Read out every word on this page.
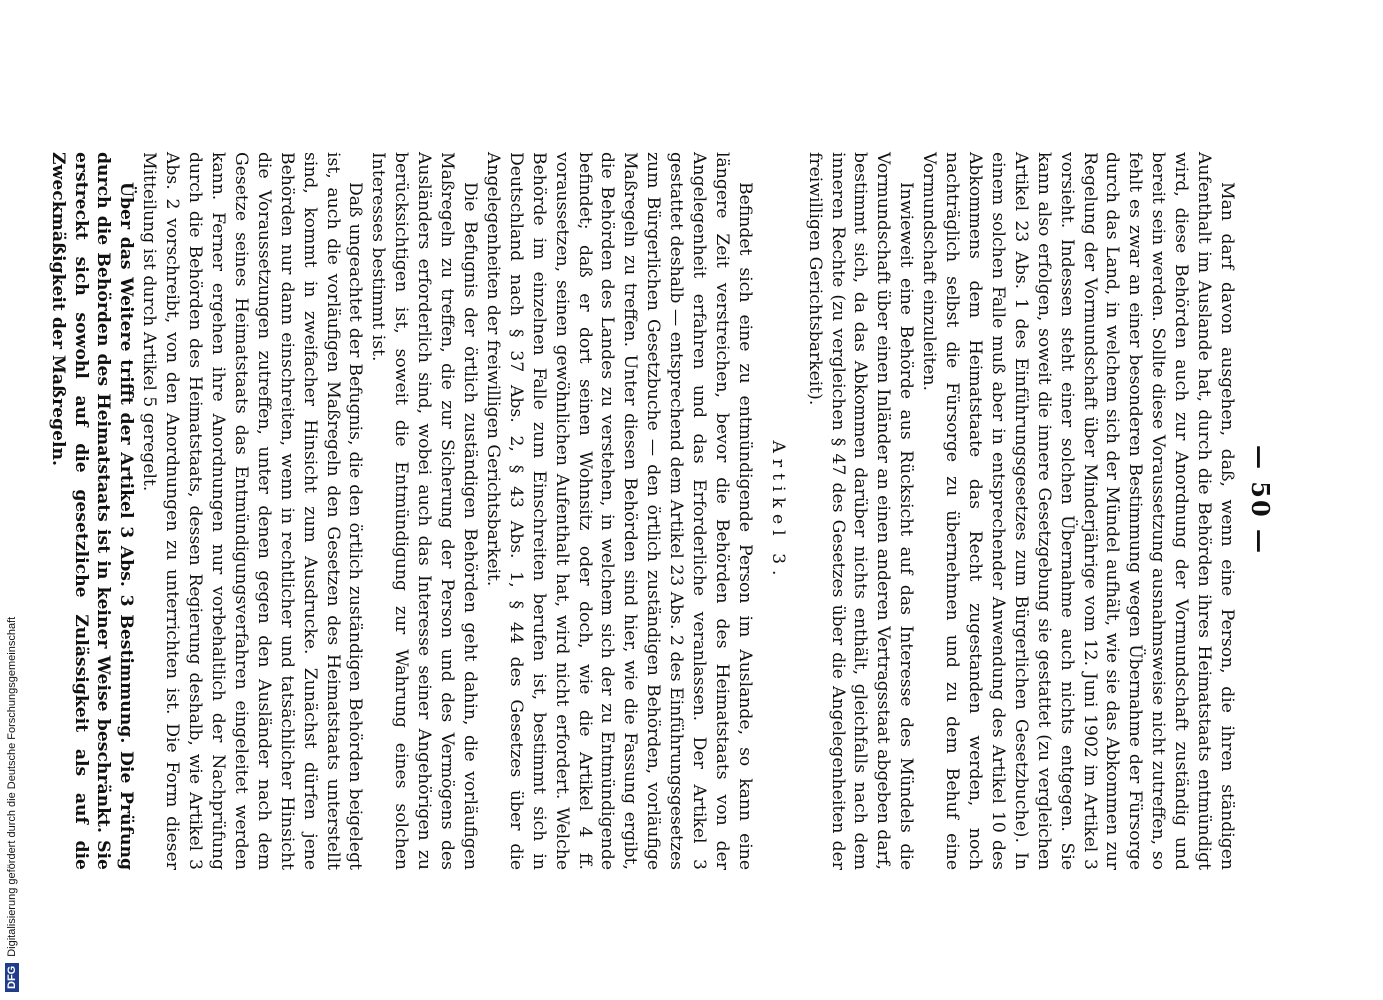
— 50 —

Man darf davon ausgehen, daß, wenn eine Person, die ihren ständigen Aufenthalt im Auslande hat, durch die Behörden ihres Heimatstaats entmündigt wird, diese Behörden auch zur Anordnung der Vormundschaft zuständig und bereit sein werden. Sollte diese Voraussetzung ausnahmsweise nicht zutreffen, so fehlt es zwar an einer besonderen Bestimmung wegen Übernahme der Fürsorge durch das Land, in welchem sich der Mündel aufhält, wie sie das Abkommen zur Regelung der Vormundschaft über Minderjährige vom 12. Juni 1902 im Artikel 3 vorsieht. Indessen steht einer solchen Übernahme auch nichts entgegen. Sie kann also erfolgen, soweit die innere Gesetzgebung sie gestattet (zu vergleichen Artikel 23 Abs. 1 des Einführungsgesetzes zum Bürgerlichen Gesetzbuche). In einem solchen Falle muß aber in entsprechender Anwendung des Artikel 10 des Abkommens dem Heimatstaate das Recht zugestanden werden, noch nachträglich selbst die Fürsorge zu übernehmen und zu dem Behuf eine Vormundschaft einzuleiten.

Inwieweit eine Behörde aus Rücksicht auf das Interesse des Mündels die Vormundschaft über einen Inländer an einen anderen Vertragsstaat abgeben darf, bestimmt sich, da das Abkommen darüber nichts enthält, gleichfalls nach dem inneren Rechte (zu vergleichen § 47 des Gesetzes über die Angelegenheiten der freiwilligen Gerichtsbarkeit).

Artikel 3.

Befindet sich eine zu entmündigende Person im Auslande, so kann eine längere Zeit verstreichen, bevor die Behörden des Heimatstaats von der Angelegenheit erfahren und das Erforderliche veranlassen. Der Artikel 3 gestattet deshalb — entsprechend dem Artikel 23 Abs. 2 des Einführungsgesetzes zum Bürgerlichen Gesetzbuche — den örtlich zuständigen Behörden, vorläufige Maßregeln zu treffen. Unter diesen Behörden sind hier, wie die Fassung ergibt, die Behörden des Landes zu verstehen, in welchem sich der zu Entmündigende befindet; daß er dort seinen Wohnsitz oder doch, wie die Artikel 4 ff. voraussetzen, seinen gewöhnlichen Aufenthalt hat, wird nicht erfordert. Welche Behörde im einzelnen Falle zum Einschreiten berufen ist, bestimmt sich in Deutschland nach § 37 Abs. 2, § 43 Abs. 1, § 44 des Gesetzes über die Angelegenheiten der freiwilligen Gerichtsbarkeit.

Die Befugnis der örtlich zuständigen Behörden geht dahin, die vorläufigen Maßregeln zu treffen, die zur Sicherung der Person und des Vermögens des Ausländers erforderlich sind, wobei auch das Interesse seiner Angehörigen zu berücksichtigen ist, soweit die Entmündigung zur Wahrung eines solchen Interesses bestimmt ist.

Daß ungeachtet der Befugnis, die den örtlich zuständigen Behörden beigelegt ist, auch die vorläufigen Maßregeln den Gesetzen des Heimatstaats unterstellt sind, kommt in zweifacher Hinsicht zum Ausdrucke. Zunächst dürfen jene Behörden nur dann einschreiten, wenn in rechtlicher und tatsächlicher Hinsicht die Voraussetzungen zutreffen, unter denen gegen den Ausländer nach dem Gesetze seines Heimatstaats das Entmündigungsverfahren eingeleitet werden kann. Ferner ergehen ihre Anordnungen nur vorbehaltlich der Nachprüfung durch die Behörden des Heimatstaats, dessen Regierung deshalb, wie Artikel 3 Abs. 2 vorschreibt, von den Anordnungen zu unterrichten ist. Die Form dieser Mitteilung ist durch Artikel 5 geregelt.

Über das Weitere trifft der Artikel 3 Abs. 3 Bestimmung. Die Prüfung durch die Behörden des Heimatstaats ist in keiner Weise beschränkt. Sie erstreckt sich sowohl auf die gesetzliche Zulässigkeit als auf die Zweckmäßigkeit der Maßregeln.

DFG
Digitalisierung gefördert durch die Deutsche Forschungsgemeinschaft
